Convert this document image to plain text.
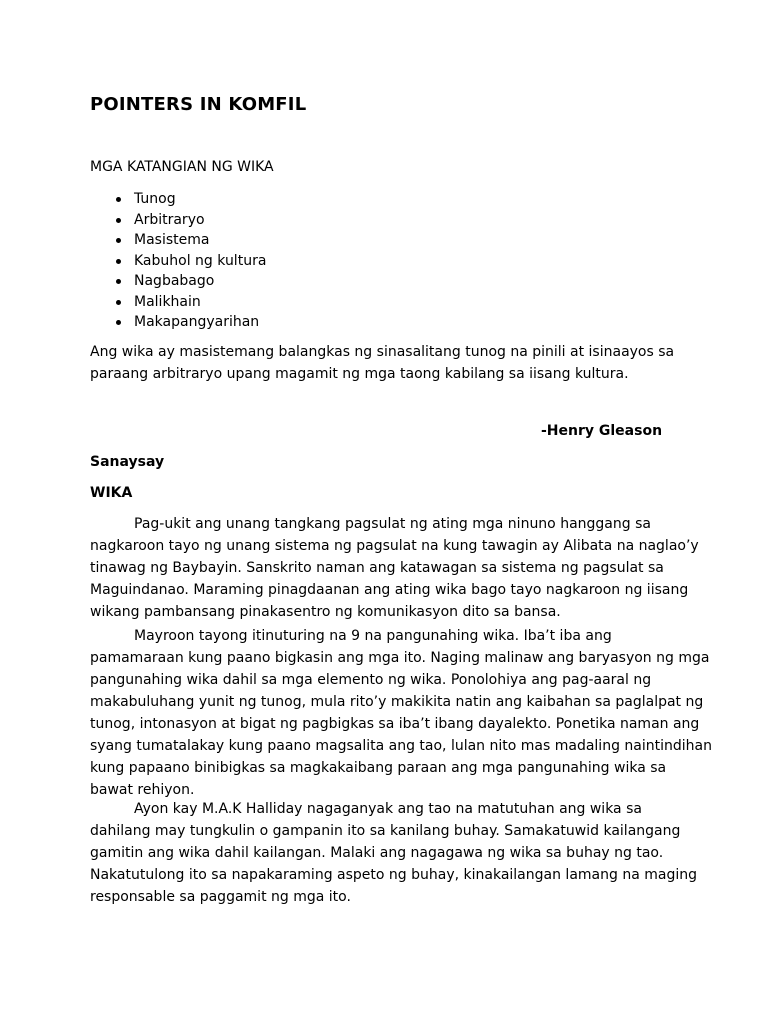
POINTERS IN KOMFIL
MGA KATANGIAN NG WIKA
Tunog
Arbitraryo
Masistema
Kabuhol ng kultura
Nagbabago
Malikhain
Makapangyarihan

Ang wika ay masistemang balangkas ng sinasalitang tunog na pinili at isinaayos sa
paraang arbitraryo upang magamit ng mga taong kabilang sa iisang kultura.

-Henry Gleason

Sanaysay

WIKA

Pag-ukit ang unang tangkang pagsulat ng ating mga ninuno hanggang sa
nagkaroon tayo ng unang sistema ng pagsulat na kung tawagin ay Alibata na naglao’y
tinawag ng Baybayin. Sanskrito naman ang katawagan sa sistema ng pagsulat sa
Maguindanao. Maraming pinagdaanan ang ating wika bago tayo nagkaroon ng iisang
wikang pambansang pinakasentro ng komunikasyon dito sa bansa.

Mayroon tayong itinuturing na 9 na pangunahing wika. Iba’t iba ang
pamamaraan kung paano bigkasin ang mga ito. Naging malinaw ang baryasyon ng mga
pangunahing wika dahil sa mga elemento ng wika. Ponolohiya ang pag-aaral ng
makabuluhang yunit ng tunog, mula rito’y makikita natin ang kaibahan sa paglalpat ng
tunog, intonasyon at bigat ng pagbigkas sa iba’t ibang dayalekto. Ponetika naman ang
syang tumatalakay kung paano magsalita ang tao, lulan nito mas madaling naintindihan
kung papaano binibigkas sa magkakaibang paraan ang mga pangunahing wika sa
bawat rehiyon.

Ayon kay M.A.K Halliday nagaganyak ang tao na matutuhan ang wika sa
dahilang may tungkulin o gampanin ito sa kanilang buhay. Samakatuwid kailangang
gamitin ang wika dahil kailangan. Malaki ang nagagawa ng wika sa buhay ng tao.
Nakatutulong ito sa napakaraming aspeto ng buhay, kinakailangan lamang na maging
responsable sa paggamit ng mga ito.
